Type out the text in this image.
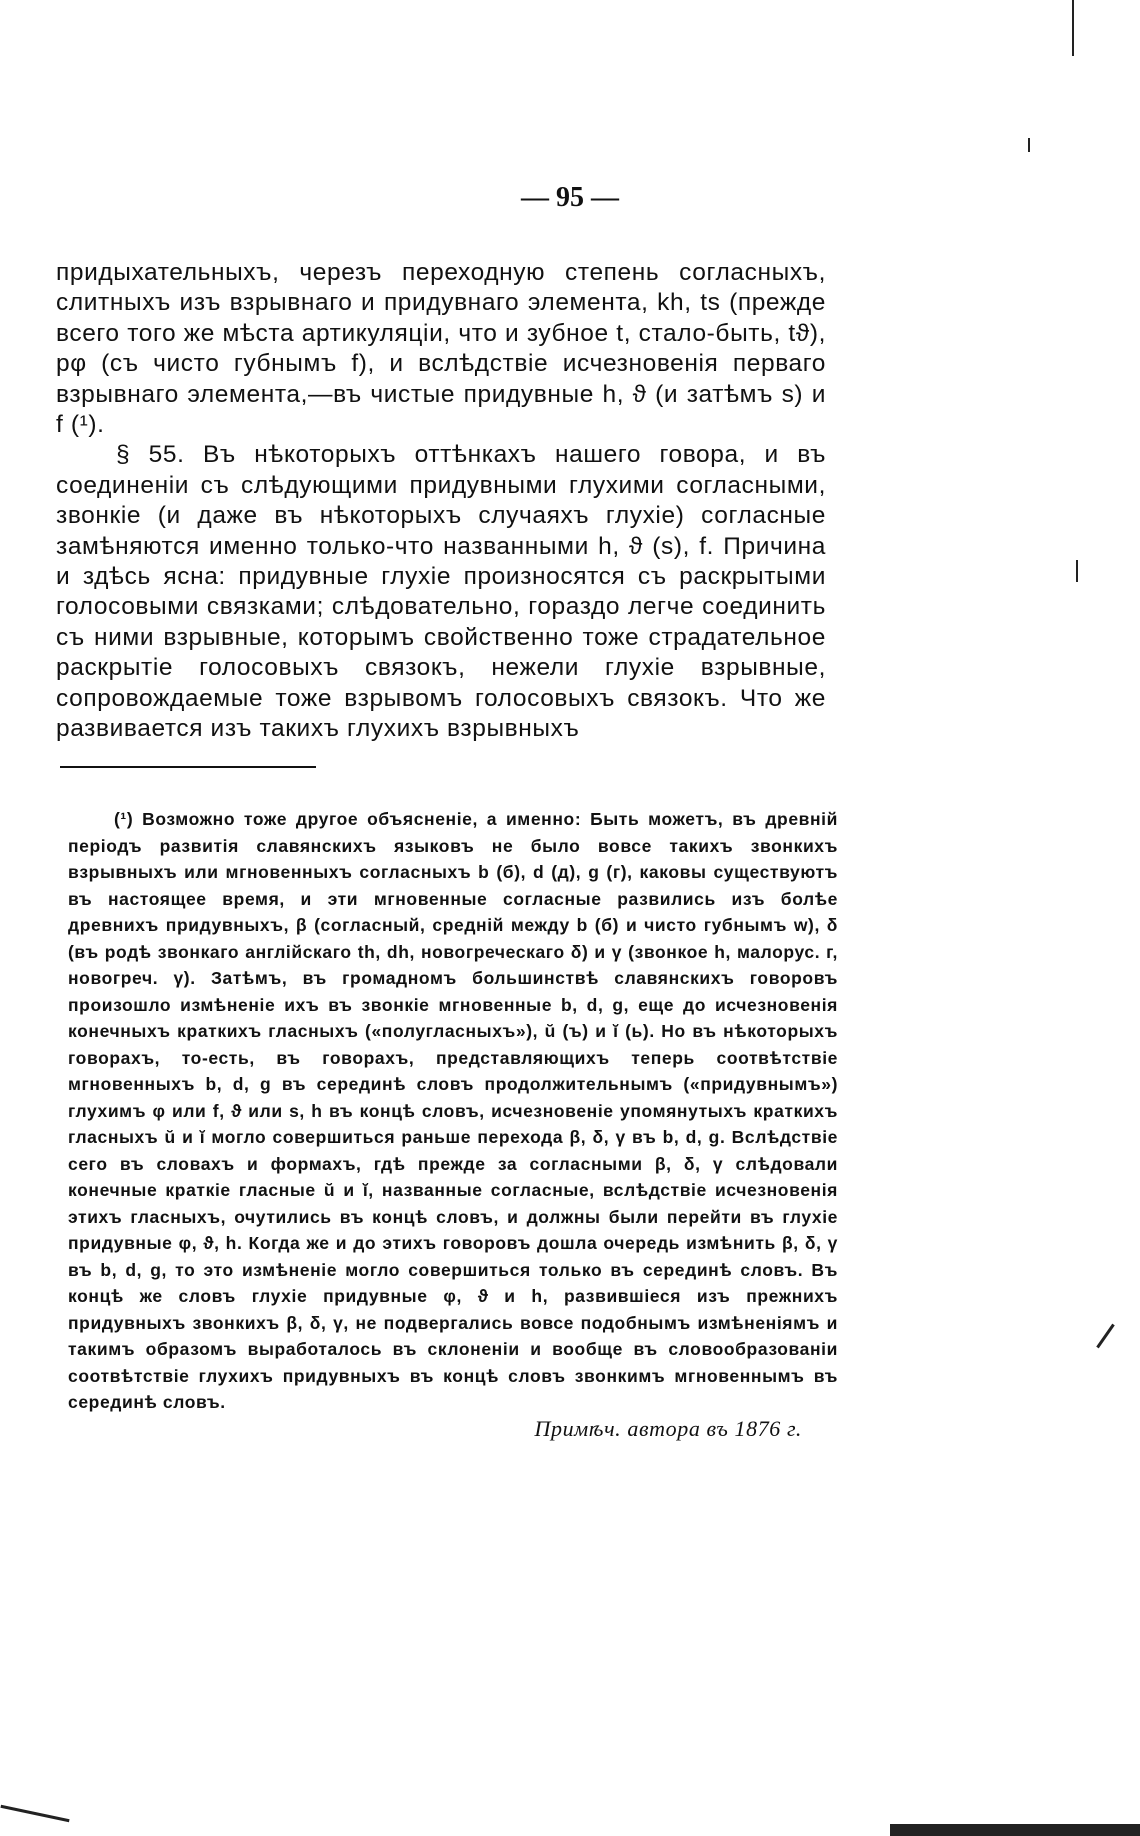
— 95 —

придыхательныхъ, черезъ переходную степень согласныхъ, слитныхъ изъ взрывнаго и придувнаго элемента, kh, ts (прежде всего того же мѣста артикуляціи, что и зубное t, стало-быть, tϑ), pφ (съ чисто губнымъ f), и вслѣдствіе исчезновенія перваго взрывнаго элемента,—въ чистые придувные h, ϑ (и затѣмъ s) и f (¹).

§ 55. Въ нѣкоторыхъ оттѣнкахъ нашего говора, и въ соединеніи съ слѣдующими придувными глухими согласными, звонкіе (и даже въ нѣкоторыхъ случаяхъ глухіе) согласные замѣняются именно только-что названными h, ϑ (s), f. Причина и здѣсь ясна: придувные глухіе произносятся съ раскрытыми голосовыми связками; слѣдовательно, гораздо легче соединить съ ними взрывные, которымъ свойственно тоже страдательное раскрытіе голосовыхъ связокъ, нежели глухіе взрывные, сопровождаемые тоже взрывомъ голосовыхъ связокъ. Что же развивается изъ такихъ глухихъ взрывныхъ

(¹) Возможно тоже другое объясненіе, а именно: Быть можетъ, въ древній періодъ развитія славянскихъ языковъ не было вовсе такихъ звонкихъ взрывныхъ или мгновенныхъ согласныхъ b (б), d (д), g (г), каковы существуютъ въ настоящее время, и эти мгновенные согласные развились изъ болѣе древнихъ придувныхъ, β (согласный, средній между b (б) и чисто губнымъ w), δ (въ родѣ звонкаго англійскаго th, dh, новогреческаго δ) и γ (звонкое h, малорус. г, новогреч. γ). Затѣмъ, въ громадномъ большинствѣ славянскихъ говоровъ произошло измѣненіе ихъ въ звонкіе мгновенные b, d, g, еще до исчезновенія конечныхъ краткихъ гласныхъ («полугласныхъ»), ŭ (ъ) и ĭ (ь). Но въ нѣкоторыхъ говорахъ, то-есть, въ говорахъ, представляющихъ теперь соотвѣтствіе мгновенныхъ b, d, g въ серединѣ словъ продолжительнымъ («придувнымъ») глухимъ φ или f, ϑ или s, h въ концѣ словъ, исчезновеніе упомянутыхъ краткихъ гласныхъ ŭ и ĭ могло совершиться раньше перехода β, δ, γ въ b, d, g. Вслѣдствіе сего въ словахъ и формахъ, гдѣ прежде за согласными β, δ, γ слѣдовали конечные краткіе гласные ŭ и ĭ, названные согласные, вслѣдствіе исчезновенія этихъ гласныхъ, очутились въ концѣ словъ, и должны были перейти въ глухіе придувные φ, ϑ, h. Когда же и до этихъ говоровъ дошла очередь измѣнить β, δ, γ въ b, d, g, то это измѣненіе могло совершиться только въ серединѣ словъ. Въ концѣ же словъ глухіе придувные φ, ϑ и h, развившіеся изъ прежнихъ придувныхъ звонкихъ β, δ, γ, не подвергались вовсе подобнымъ измѣненіямъ и такимъ образомъ выработалось въ склоненіи и вообще въ словообразованіи соотвѣтствіе глухихъ придувныхъ въ концѣ словъ звонкимъ мгновеннымъ въ серединѣ словъ.

Примѣч. автора въ 1876 г.
